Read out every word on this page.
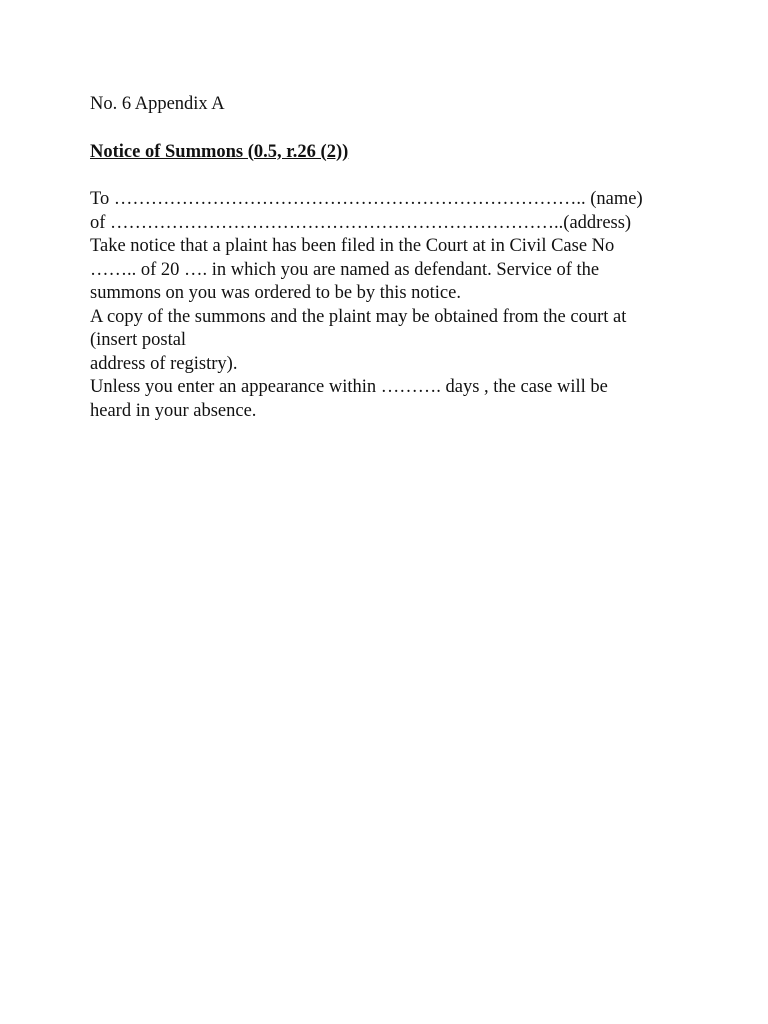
No. 6 Appendix A
Notice of Summons (0.5, r.26 (2))
To ………………………………………………………………….. (name)
of ………………………………………………………………..(address)
Take notice that a plaint has been filed in the Court at in Civil Case No
…….. of 20 …. in which you are named as defendant. Service of the
summons on you was ordered to be by this notice.
A copy of the summons and the plaint may be obtained from the court at
(insert postal
address of registry).
Unless you enter an appearance within ………. days , the case will be
heard in your absence.
